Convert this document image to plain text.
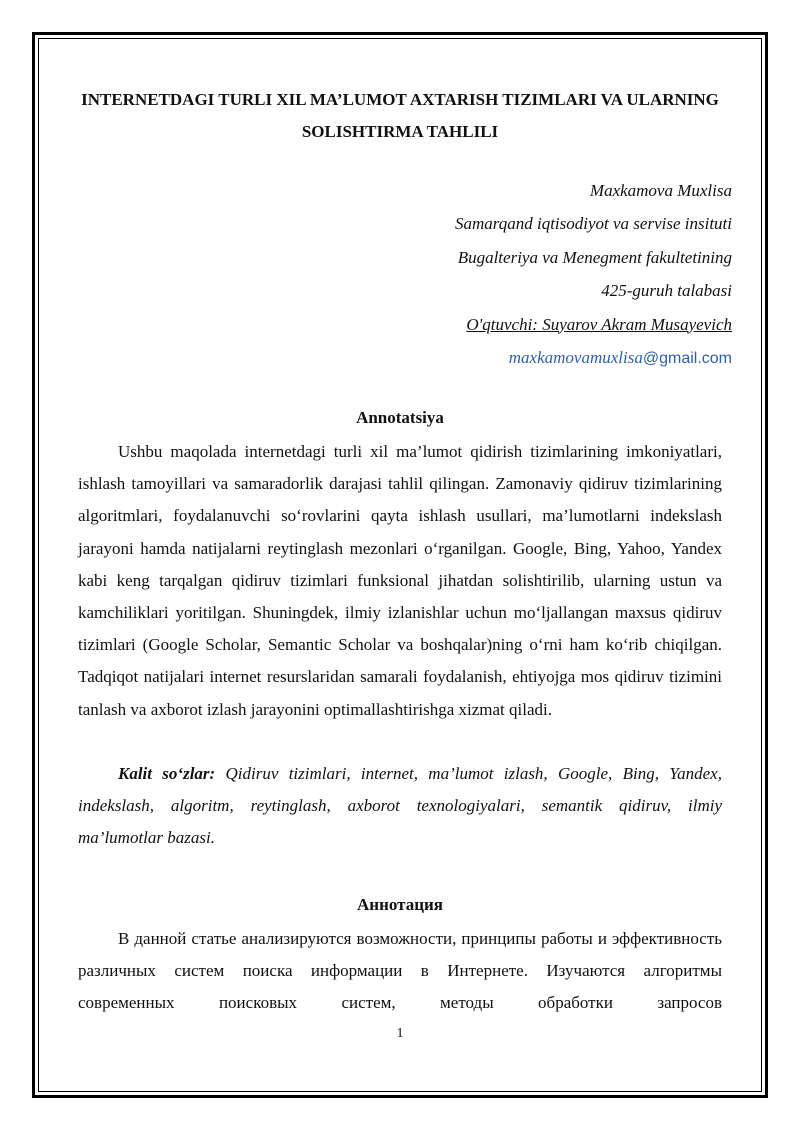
INTERNETDAGI TURLI XIL MA’LUMOT AXTARISH TIZIMLARI VA ULARNING SOLISHTIRMA TAHLILI
Maxkamova Muxlisa
Samarqand iqtisodiyot va servise insituti
Bugalteriya va Menegment fakultetining
425-guruh talabasi
O'qtuvchi: Suyarov Akram Musayevich
maxkamovamuxlisa@gmail.com
Annotatsiya

Ushbu maqolada internetdagi turli xil ma’lumot qidirish tizimlarining imkoniyatlari, ishlash tamoyillari va samaradorlik darajasi tahlil qilingan. Zamonaviy qidiruv tizimlarining algoritmlari, foydalanuvchi so‘rovlarini qayta ishlash usullari, ma’lumotlarni indekslash jarayoni hamda natijalarni reytinglash mezonlari o‘rganilgan. Google, Bing, Yahoo, Yandex kabi keng tarqalgan qidiruv tizimlari funksional jihatdan solishtirilib, ularning ustun va kamchiliklari yoritilgan. Shuningdek, ilmiy izlanishlar uchun mo‘ljallangan maxsus qidiruv tizimlari (Google Scholar, Semantic Scholar va boshqalar)ning o‘rni ham ko‘rib chiqilgan. Tadqiqot natijalari internet resurslaridan samarali foydalanish, ehtiyojga mos qidiruv tizimini tanlash va axborot izlash jarayonini optimallashtirishga xizmat qiladi.

Kalit so‘zlar: Qidiruv tizimlari, internet, ma’lumot izlash, Google, Bing, Yandex, indekslash, algoritm, reytinglash, axborot texnologiyalari, semantik qidiruv, ilmiy ma’lumotlar bazasi.

Аннотация

В данной статье анализируются возможности, принципы работы и эффективность различных систем поиска информации в Интернете. Изучаются алгоритмы современных поисковых систем, методы обработки запросов

1
